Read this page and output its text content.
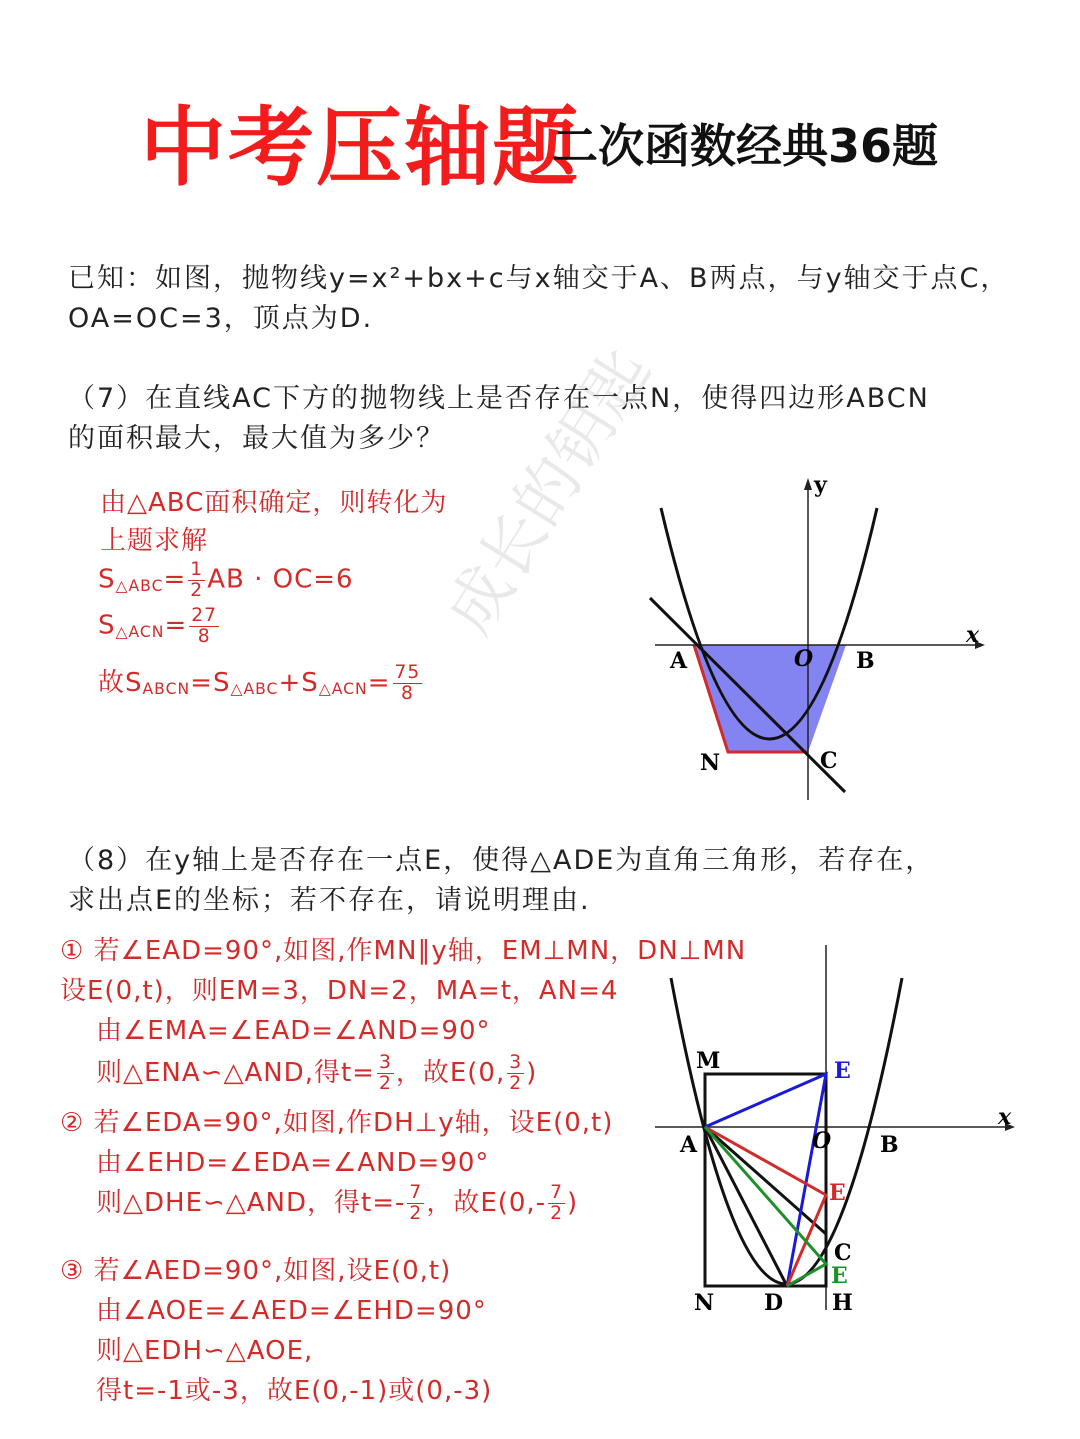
中考压轴题
二次函数经典36题
已知：如图，抛物线y=x²+bx+c与x轴交于A、B两点，与y轴交于点C，
OA=OC=3，顶点为D.
（7）在直线AC下方的抛物线上是否存在一点N，使得四边形ABCN
的面积最大，最大值为多少？
由△ABC面积确定，则转化为
上题求解
$S_{\triangle ABC}= \frac{1}{2}$ AB · OC=6
$S_{\triangle ACN}= \frac{27}{8}$
故$S_{ABCN}=S_{\triangle ABC}+S_{\triangle ACN}= \frac{75}{8}$
y
x
A	O B
N	C
（8）在y轴上是否存在一点E，使得△ADE为直角三角形，若存在，
求出点E的坐标；若不存在，请说明理由.
① 若∠EAD=90°,如图,作MN∥y轴，EM⊥MN，DN⊥MN
设E(0,t)，则EM=3，DN=2，MA=t，AN=4
由∠EMA=∠EAD=∠AND=90°
则△ENA∽△AND,得$t= \frac{3}{2}$ ，故E(0, $\frac{3}{2}$ )
② 若∠EDA=90°,如图,作DH⊥y轴，设E(0,t)
由∠EHD=∠EDA=∠AND=90°
则△DHE∽△AND，得$t=- \frac{7}{2}$ ，故$E(0,- \frac{7}{2}$ )
③ 若∠AED=90°,如图,设E(0,t)
由∠AOE=∠AED=∠EHD=90°
则△EDH∽△AOE,
得t=-1或-3，故E(0,-1)或(0,-3)
M	E
x
A	O B
E
C
E
N D H
成长的钥匙
